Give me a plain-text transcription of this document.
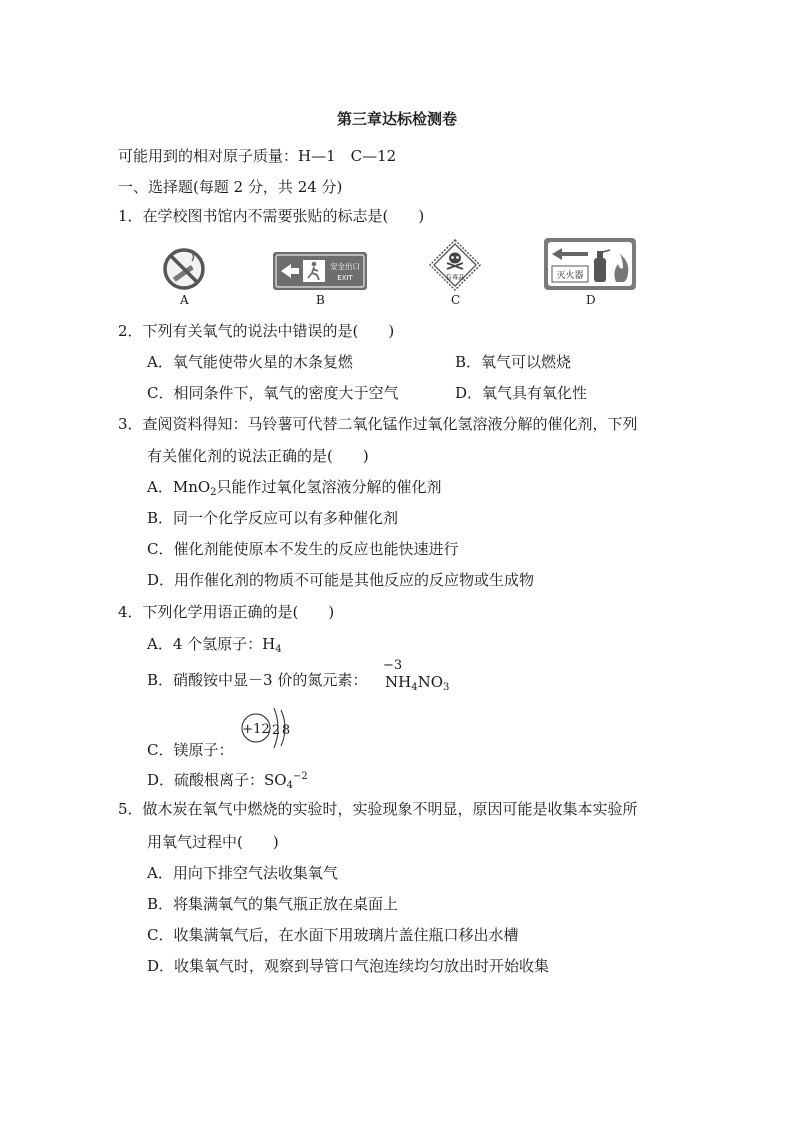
第三章达标检测卷
可能用到的相对原子质量：H—1　C—12
一、选择题(每题 2 分，共 24 分)
1．在学校图书馆内不需要张贴的标志是(　　)
A
安全出口
EXIT
B
有毒品
C
灭火器
D
2．下列有关氧气的说法中错误的是(　　)
A．氧气能使带火星的木条复燃	B．氧气可以燃烧
C．相同条件下，氧气的密度大于空气	D．氧气具有氧化性
3．查阅资料得知：马铃薯可代替二氧化锰作过氧化氢溶液分解的催化剂，下列
有关催化剂的说法正确的是(　　)
A．MnO$_2$只能作过氧化氢溶液分解的催化剂
B．同一个化学反应可以有多种催化剂
C．催化剂能使原本不发生的反应也能快速进行
D．用作催化剂的物质不可能是其他反应的反应物或生成物
4．下列化学用语正确的是(　　)
A．4 个氢原子：$H_4$
B．硝酸铵中显－3 价的氮元素：
−3
$NH_4NO_3$
C．镁原子：
+12 2 8
D．硫酸根离子：$SO_4^{-2}$
5．做木炭在氧气中燃烧的实验时，实验现象不明显，原因可能是收集本实验所
用氧气过程中(　　)
A．用向下排空气法收集氧气
B．将集满氧气的集气瓶正放在桌面上
C．收集满氧气后，在水面下用玻璃片盖住瓶口移出水槽
D．收集氧气时，观察到导管口气泡连续均匀放出时开始收集
